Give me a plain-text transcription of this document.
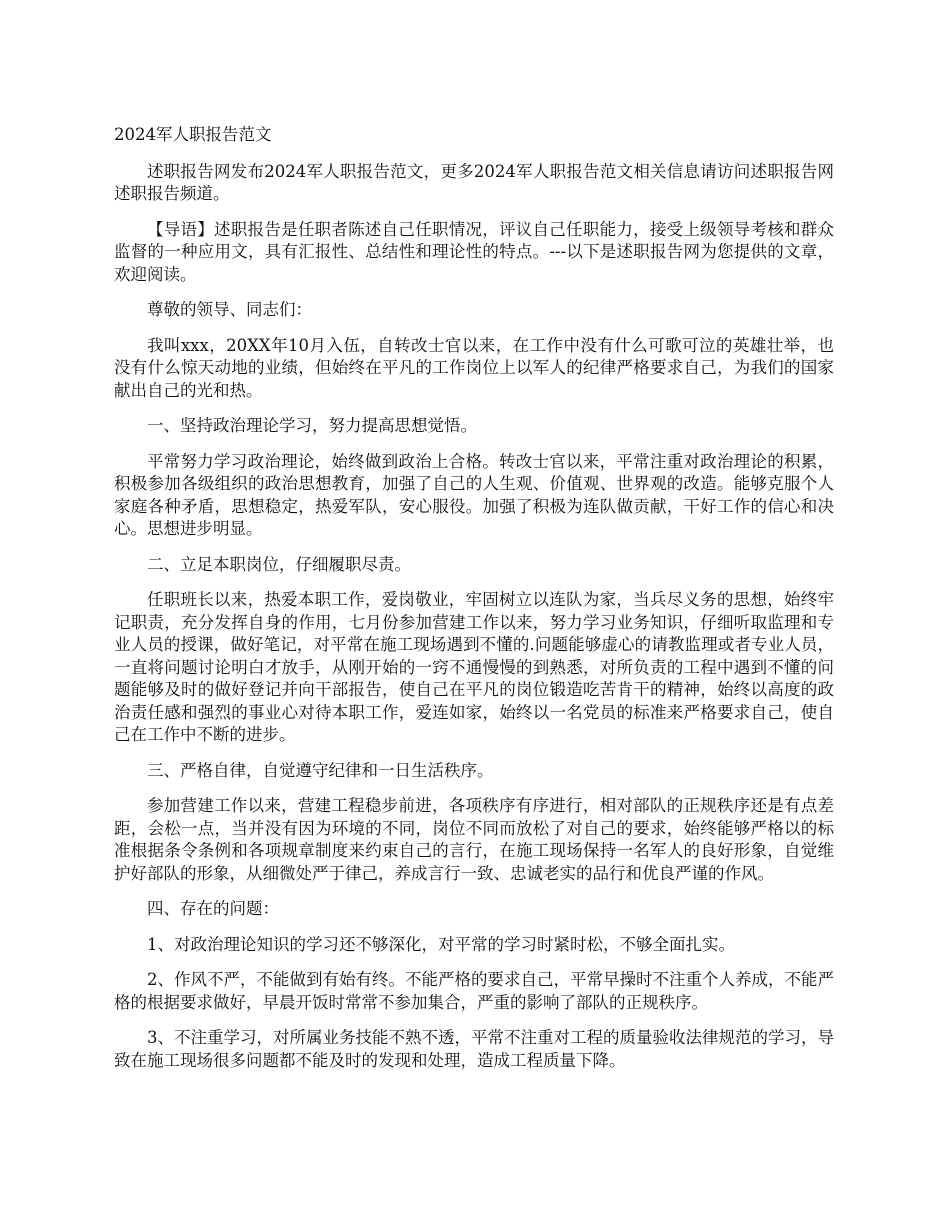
2024军人职报告范文

述职报告网发布2024军人职报告范文，更多2024军人职报告范文相关信息请访问述职报告网述职报告频道。

【导语】述职报告是任职者陈述自己任职情况，评议自己任职能力，接受上级领导考核和群众监督的一种应用文，具有汇报性、总结性和理论性的特点。---以下是述职报告网为您提供的文章，欢迎阅读。

尊敬的领导、同志们：

我叫xxx，20XX年10月入伍，自转改士官以来，在工作中没有什么可歌可泣的英雄壮举，也没有什么惊天动地的业绩，但始终在平凡的工作岗位上以军人的纪律严格要求自己，为我们的国家献出自己的光和热。

一、坚持政治理论学习，努力提高思想觉悟。

平常努力学习政治理论，始终做到政治上合格。转改士官以来，平常注重对政治理论的积累，积极参加各级组织的政治思想教育，加强了自己的人生观、价值观、世界观的改造。能够克服个人家庭各种矛盾，思想稳定，热爱军队，安心服役。加强了积极为连队做贡献，干好工作的信心和决心。思想进步明显。

二、立足本职岗位，仔细履职尽责。

任职班长以来，热爱本职工作，爱岗敬业，牢固树立以连队为家，当兵尽义务的思想，始终牢记职责，充分发挥自身的作用，七月份参加营建工作以来，努力学习业务知识，仔细听取监理和专业人员的授课，做好笔记，对平常在施工现场遇到不懂的.问题能够虚心的请教监理或者专业人员，一直将问题讨论明白才放手，从刚开始的一窍不通慢慢的到熟悉，对所负责的工程中遇到不懂的问题能够及时的做好登记并向干部报告，使自己在平凡的岗位锻造吃苦肯干的精神，始终以高度的政治责任感和强烈的事业心对待本职工作，爱连如家，始终以一名党员的标准来严格要求自己，使自己在工作中不断的进步。

三、严格自律，自觉遵守纪律和一日生活秩序。

参加营建工作以来，营建工程稳步前进，各项秩序有序进行，相对部队的正规秩序还是有点差距，会松一点，当并没有因为环境的不同，岗位不同而放松了对自己的要求，始终能够严格以的标准根据条令条例和各项规章制度来约束自己的言行，在施工现场保持一名军人的良好形象，自觉维护好部队的形象，从细微处严于律己，养成言行一致、忠诚老实的品行和优良严谨的作风。

四、存在的问题：

1、对政治理论知识的学习还不够深化，对平常的学习时紧时松，不够全面扎实。

2、作风不严，不能做到有始有终。不能严格的要求自己，平常早操时不注重个人养成，不能严格的根据要求做好，早晨开饭时常常不参加集合，严重的影响了部队的正规秩序。

3、不注重学习，对所属业务技能不熟不透，平常不注重对工程的质量验收法律规范的学习，导致在施工现场很多问题都不能及时的发现和处理，造成工程质量下降。
